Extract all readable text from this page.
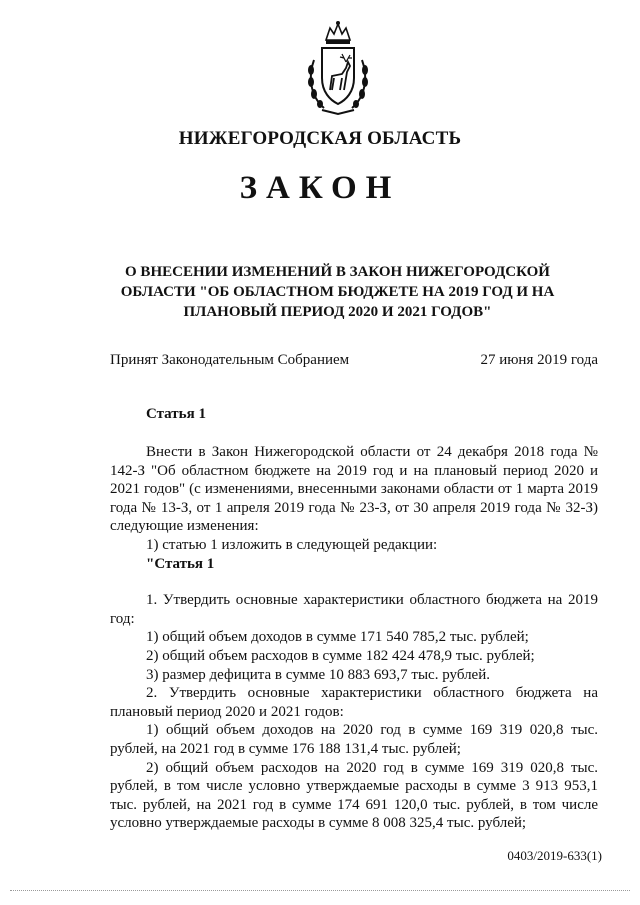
НИЖЕГОРОДСКАЯ ОБЛАСТЬ
ЗАКОН
О ВНЕСЕНИИ ИЗМЕНЕНИЙ В ЗАКОН НИЖЕГОРОДСКОЙ ОБЛАСТИ "ОБ ОБЛАСТНОМ БЮДЖЕТЕ НА 2019 ГОД И НА ПЛАНОВЫЙ ПЕРИОД 2020 И 2021 ГОДОВ"
Принят Законодательным Собранием	27 июня 2019 года
Статья 1

Внести в Закон Нижегородской области от 24 декабря 2018 года № 142-З "Об областном бюджете на 2019 год и на плановый период 2020 и 2021 годов" (с изменениями, внесенными законами области от 1 марта 2019 года № 13-З, от 1 апреля 2019 года № 23-З, от 30 апреля 2019 года № 32-З) следующие изменения:

1) статью 1 изложить в следующей редакции:

"Статья 1

1. Утвердить основные характеристики областного бюджета на 2019 год:

1) общий объем доходов в сумме 171 540 785,2 тыс. рублей;

2) общий объем расходов в сумме 182 424 478,9 тыс. рублей;

3) размер дефицита в сумме 10 883 693,7 тыс. рублей.

2. Утвердить основные характеристики областного бюджета на плановый период 2020 и 2021 годов:

1) общий объем доходов на 2020 год в сумме 169 319 020,8 тыс. рублей, на 2021 год в сумме 176 188 131,4 тыс. рублей;

2) общий объем расходов на 2020 год в сумме 169 319 020,8 тыс. рублей, в том числе условно утверждаемые расходы в сумме 3 913 953,1 тыс. рублей, на 2021 год в сумме 174 691 120,0 тыс. рублей, в том числе условно утверждаемые расходы в сумме 8 008 325,4 тыс. рублей;

0403/2019-633(1)
